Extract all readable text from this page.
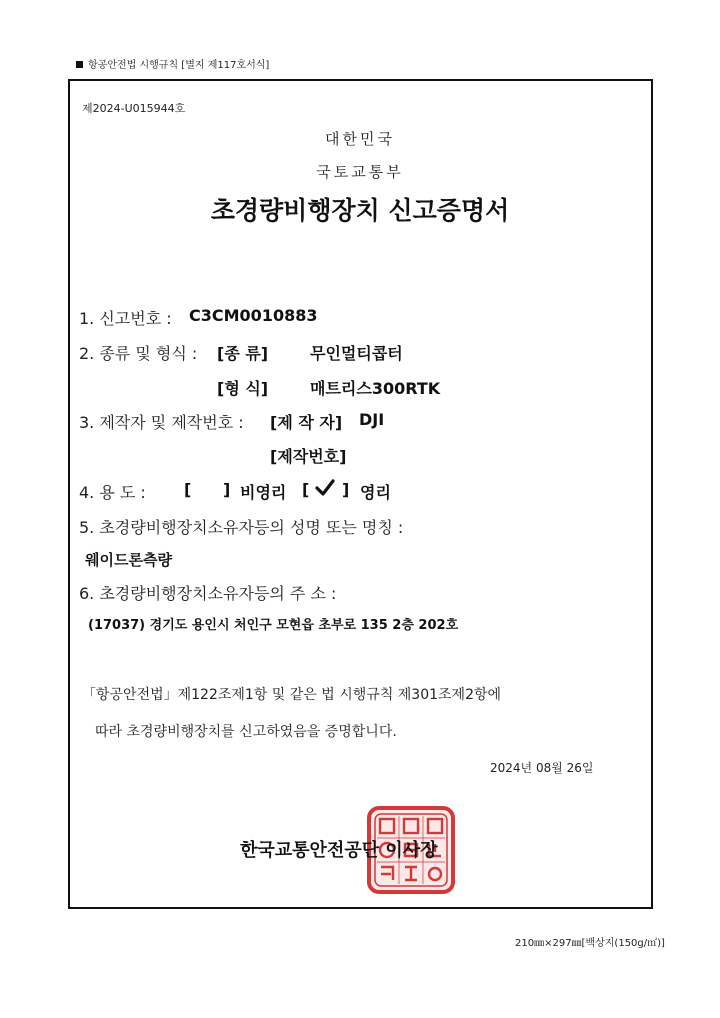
항공안전법 시행규칙 [별지 제117호서식]
제2024-U015944호
대한민국
국토교통부
초경량비행장치 신고증명서
1. 신고번호 : C3CM0010883
2. 종류 및 형식 : [종 류]	무인멀티콥터
[형 식]	매트리스300RTK
3. 제작자 및 제작번호 : [제 작 자] DJI
[제작번호]
4. 용 도 : [ ] 비영리 [ ] 영리
5. 초경량비행장치소유자등의 성명 또는 명칭 :
웨이드론측량
6. 초경량비행장치소유자등의 주 소 :
(17037) 경기도 용인시 처인구 모현읍 초부로 135 2층 202호
「항공안전법」제122조제1항 및 같은 법 시행규칙 제301조제2항에
따라 초경량비행장치를 신고하였음을 증명합니다.
2024년 08월 26일
한국교통안전공단 이사장
210㎜×297㎜[백상지(150g/㎡)]
